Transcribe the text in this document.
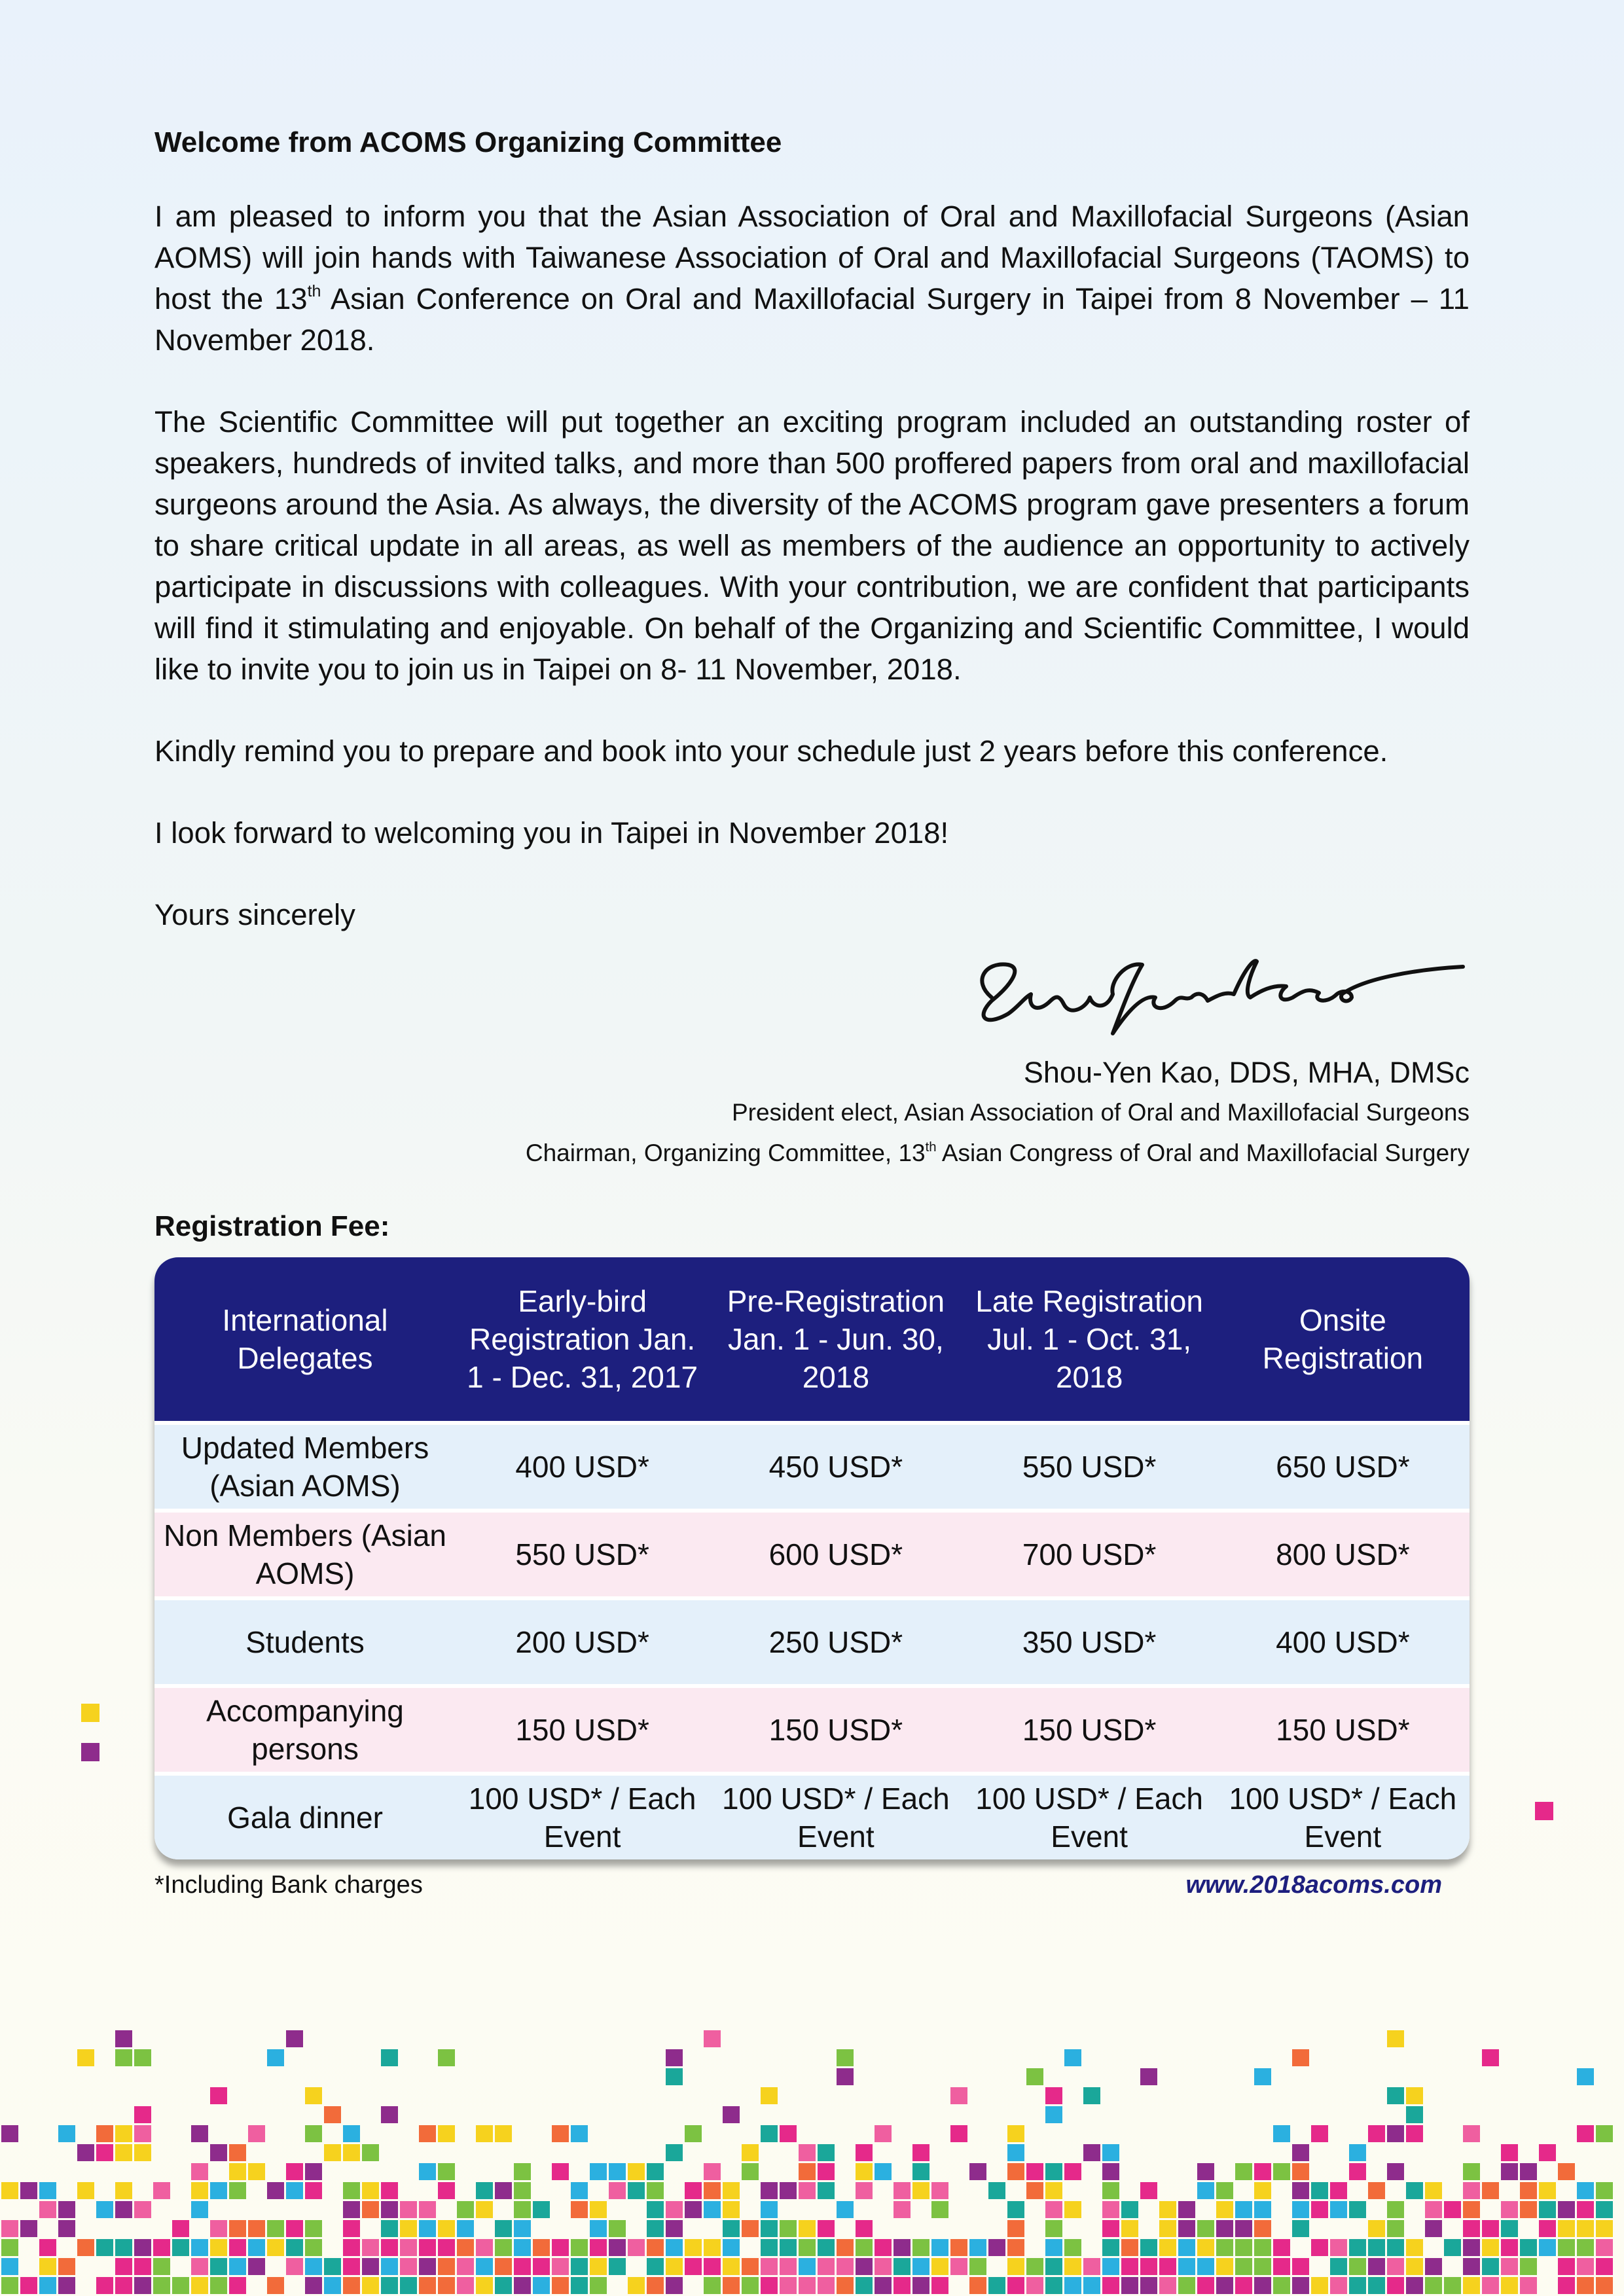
Welcome from ACOMS Organizing Committee

I am pleased to inform you that the Asian Association of Oral and Maxillofacial Surgeons (Asian AOMS) will join hands with Taiwanese Association of Oral and Maxillofacial Surgeons (TAOMS) to host the 13th Asian Conference on Oral and Maxillofacial Surgery in Taipei from 8 November – 11 November 2018.

The Scientific Committee will put together an exciting program included an outstanding roster of speakers, hundreds of invited talks, and more than 500 proffered papers from oral and maxillofacial surgeons around the Asia. As always, the diversity of the ACOMS program gave presenters a forum to share critical update in all areas, as well as members of the audience an opportunity to actively participate in discussions with colleagues. With your contribution, we are confident that participants will find it stimulating and enjoyable. On behalf of the Organizing and Scientific Committee, I would like to invite you to join us in Taipei on 8- 11 November, 2018.

Kindly remind you to prepare and book into your schedule just 2 years before this conference.

I look forward to welcoming you in Taipei in November 2018!

Yours sincerely

Shou-Yen Kao, DDS, MHA, DMSc

President elect, Asian Association of Oral and Maxillofacial Surgeons

Chairman, Organizing Committee, 13th Asian Congress of Oral and Maxillofacial Surgery

Registration Fee:
International Delegates	Early-bird Registration Jan. 1 - Dec. 31, 2017	Pre-Registration Jan. 1 - Jun. 30, 2018	Late Registration Jul. 1 - Oct. 31, 2018	Onsite Registration
Updated Members (Asian AOMS)	400 USD*	450 USD*	550 USD*	650 USD*
Non Members (Asian AOMS)	550 USD*	600 USD*	700 USD*	800 USD*
Students	200 USD*	250 USD*	350 USD*	400 USD*
Accompanying persons	150 USD*	150 USD*	150 USD*	150 USD*
Gala dinner	100 USD* / Each Event	100 USD* / Each Event	100 USD* / Each Event	100 USD* / Each Event
*Including Bank charges	www.2018acoms.com
